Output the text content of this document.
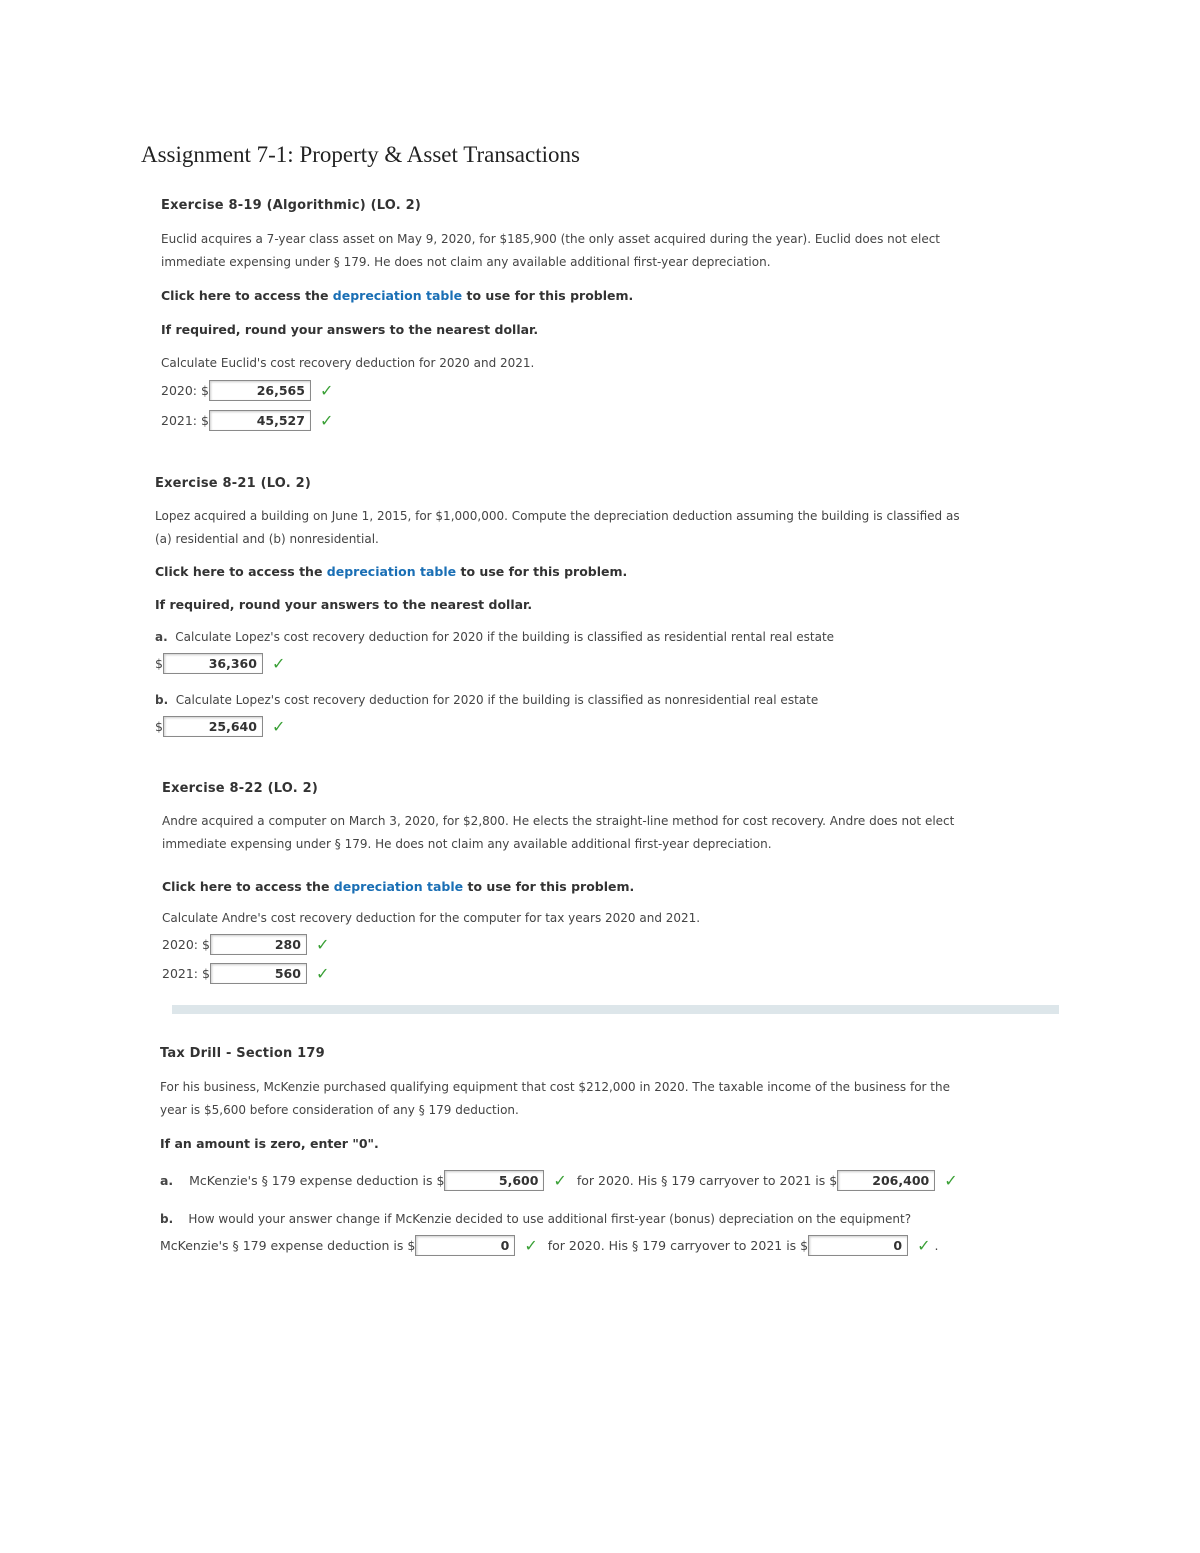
Assignment 7-1: Property & Asset Transactions
Exercise 8-19 (Algorithmic) (LO. 2)
Euclid acquires a 7-year class asset on May 9, 2020, for $185,900 (the only asset acquired during the year). Euclid does not elect
immediate expensing under § 179. He does not claim any available additional first-year depreciation.
Click here to access the depreciation table to use for this problem.
If required, round your answers to the nearest dollar.
Calculate Euclid's cost recovery deduction for 2020 and 2021.
2020: $	26,565 ✓
2021: $	45,527 ✓
Exercise 8-21 (LO. 2)
Lopez acquired a building on June 1, 2015, for $1,000,000. Compute the depreciation deduction assuming the building is classified as
(a) residential and (b) nonresidential.
Click here to access the depreciation table to use for this problem.
If required, round your answers to the nearest dollar.
a. Calculate Lopez's cost recovery deduction for 2020 if the building is classified as residential rental real estate
$	36,360 ✓
b. Calculate Lopez's cost recovery deduction for 2020 if the building is classified as nonresidential real estate
$	25,640 ✓
Exercise 8-22 (LO. 2)
Andre acquired a computer on March 3, 2020, for $2,800. He elects the straight-line method for cost recovery. Andre does not elect
immediate expensing under § 179. He does not claim any available additional first-year depreciation.
Click here to access the depreciation table to use for this problem.
Calculate Andre's cost recovery deduction for the computer for tax years 2020 and 2021.
2020: $	280 ✓
2021: $	560 ✓
Tax Drill - Section 179
For his business, McKenzie purchased qualifying equipment that cost $212,000 in 2020. The taxable income of the business for the
year is $5,600 before consideration of any § 179 deduction.
If an amount is zero, enter "0".
a.
McKenzie's § 179 expense deduction is $	5,600 ✓ for 2020. His § 179 carryover to 2021 is $	206,400 ✓
b. How would your answer change if McKenzie decided to use additional first-year (bonus) depreciation on the equipment?
McKenzie's § 179 expense deduction is $	0 ✓ for 2020. His § 179 carryover to 2021 is $	0 ✓ .
